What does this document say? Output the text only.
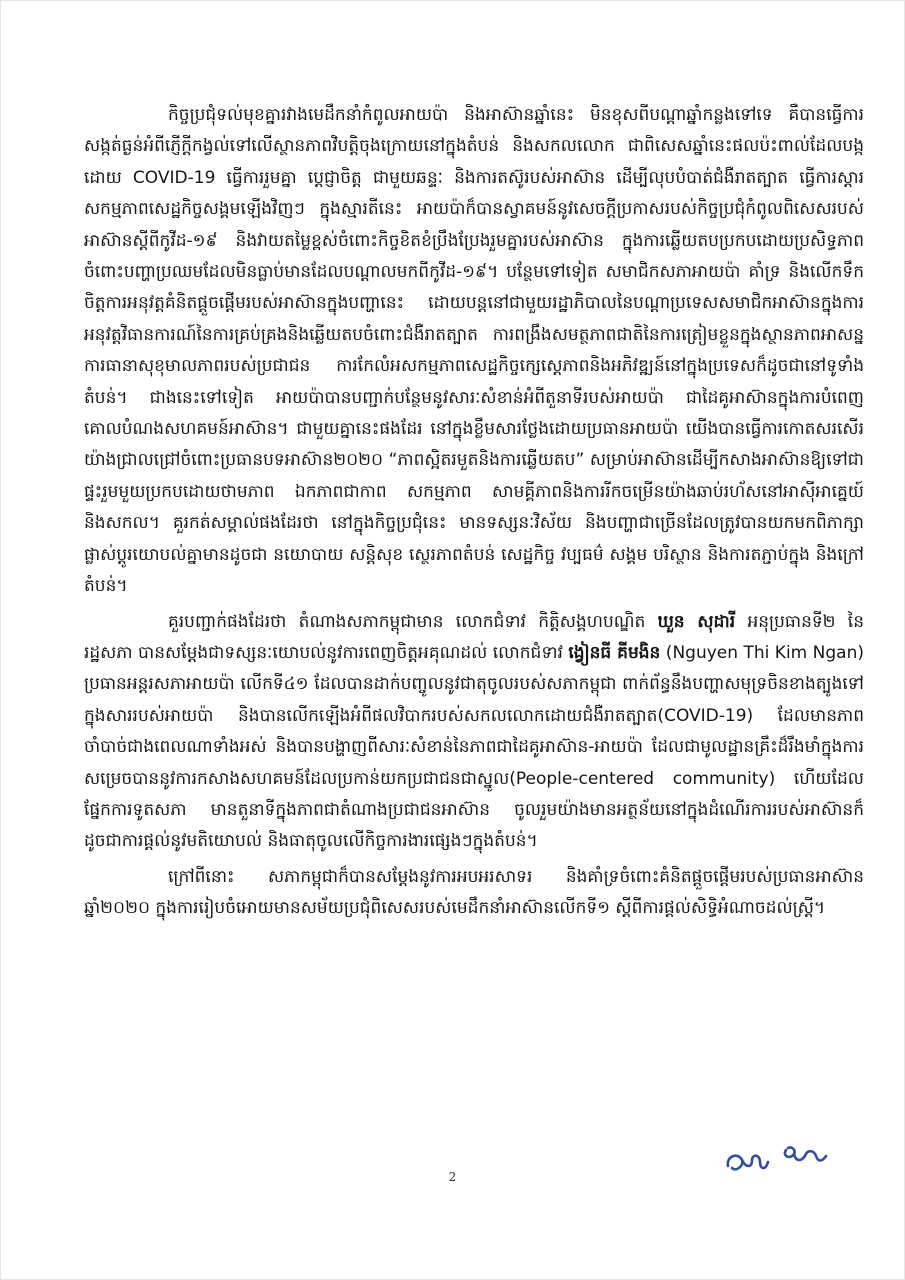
កិច្ចប្រជុំទល់មុខគ្នារវាងមេដឹកនាំកំពូលអាយប៉ា និងអាស៊ានឆ្នាំនេះ មិនខុសពីបណ្ដាឆ្នាំកន្លងទៅទេ គឺបានធ្វើការសង្កត់ធ្ងន់អំពីភ្ញើក្ដីកង្វល់ទៅលើស្ថានភាពវិបត្តិចុងក្រោយនៅក្នុងតំបន់ និងសកលលោក ជាពិសេសឆ្នាំនេះផលប៉ះពាល់ដែលបង្កដោយ COVID-19 ធ្វើការរួមគ្នា ប្ដេជ្ញាចិត្ត ជាមួយឆន្ទៈ និងការតស៊ូរបស់អាស៊ាន ដើម្បីលុបបំបាត់ជំងឺរាតត្បាត ធ្វើការស្ដារសកម្មភាពសេដ្ឋកិច្ចសង្គមឡើងវិញៗ ក្នុងស្មារតីនេះ អាយប៉ាក៏បានស្វាគមន៍នូវសេចក្ដីប្រកាសរបស់កិច្ចប្រជុំកំពូលពិសេសរបស់អាស៊ានស្ដីពីកូវីដ-១៩ និងវាយតម្លៃខ្ពស់ចំពោះកិច្ចខិតខំប្រឹងប្រែងរួមគ្នារបស់អាស៊ាន ក្នុងការឆ្លើយតបប្រកបដោយប្រសិទ្ធភាពចំពោះបញ្ហាប្រឈមដែលមិនធ្លាប់មានដែលបណ្ដាលមកពីកូវីដ-១៩។ បន្ថែមទៅទៀត សមាជិកសភាអាយប៉ា គាំទ្រ និងលើកទឹកចិត្តការអនុវត្តគំនិតផ្ដួចផ្ដើមរបស់អាស៊ានក្នុងបញ្ហានេះ ដោយបន្តនៅជាមួយរដ្ឋាភិបាលនៃបណ្ដាប្រទេសសមាជិកអាស៊ានក្នុងការអនុវត្តវិធានការណ៍នៃការគ្រប់គ្រងនិងឆ្លើយតបចំពោះជំងឺរាតត្បាត ការពង្រឹងសមត្ថភាពជាតិនៃការត្រៀមខ្លួនក្នុងស្ថានភាពអាសន្ន ការធានាសុខុមាលភាពរបស់ប្រជាជន ការកែលំអសកម្មភាពសេដ្ឋកិច្ចក្សេស្ដេភាពនិងអភិវឌ្ឍន៍នៅក្នុងប្រទេសក៏ដូចជានៅទូទាំងតំបន់។ ជាងនេះទៅទៀត អាយប៉ាបានបញ្ជាក់បន្ថែមនូវសារៈសំខាន់អំពីតួនាទីរបស់អាយប៉ា ជាដៃគូអាស៊ានក្នុងការបំពេញគោលបំណងសហគមន៍អាស៊ាន។ ជាមួយគ្នានេះផងដែរ នៅក្នុងខ្លឹមសារថ្លែងដោយប្រធានអាយប៉ា យើងបានធ្វើការកោតសរសើរយ៉ាងជ្រាលជ្រៅចំពោះប្រធានបទអាស៊ាន២០២០ “ភាពស្អិតរមួតនិងការឆ្លើយតប” សម្រាប់អាស៊ានដើម្បីកសាងអាស៊ានឱ្យទៅជាផ្ទះរួមមួយប្រកបដោយថាមភាព ឯកភាពជាកាព សកម្មភាព សាមគ្គីភាពនិងការរីកចម្រើនយ៉ាងឆាប់រហ័សនៅអាស៊ីអាគ្នេយ៍ និងសកល។ គួរកត់សម្គាល់ផងដែរថា នៅក្នុងកិច្ចប្រជុំនេះ មានទស្សនៈវិស័យ និងបញ្ហាជាច្រើនដែលត្រូវបានយកមកពិភាក្សាផ្លាស់ប្ដូរយោបល់គ្នាមានដូចជា នយោបាយ សន្តិសុខ ស្ថេរភាពតំបន់ សេដ្ឋកិច្ច វប្បធម៌ សង្គម បរិស្ថាន និងការតភ្ជាប់ក្នុង និងក្រៅតំបន់។

គួរបញ្ជាក់ផងដែរថា តំណាងសភាកម្ពុជាមាន លោកជំទាវ កិត្តិសង្គហបណ្ឌិត ឃួន សុដារី អនុប្រធានទី២ នៃរដ្ឋសភា បានសម្ដែងជាទស្សនៈយោបល់នូវការពេញចិត្តអគុណដល់ លោកជំទាវ ង្វៀនធី គីមងិន (Nguyen Thi Kim Ngan) ប្រធានអន្តរសភាអាយប៉ា លើកទី៤១ ដែលបានដាក់បញ្ចូលនូវជាតុចូលរបស់សភាកម្ពុជា ពាក់ព័ន្ធនឹងបញ្ហាសមុទ្រចិនខាងត្បូងទៅក្នុងសាររបស់អាយប៉ា និងបានលើកឡើងអំពីផលវិបាករបស់សកលលោកដោយជំងឺរាតត្បាត(COVID-19) ដែលមានភាពចាំបាច់ជាងពេលណាទាំងអស់ និងបានបង្ហាញពីសារៈសំខាន់នៃភាពជាដៃគូអាស៊ាន-អាយប៉ា ដែលជាមូលដ្ឋានគ្រឹះដ៏រឹងមាំក្នុងការសម្រេចបាននូវការកសាងសហគមន៍ដែលប្រកាន់យកប្រជាជនជាស្នូល(People-centered community) ហើយដែលផ្នែកការទូតសភា មានតួនាទីក្នុងភាពជាតំណាងប្រជាជនអាស៊ាន ចូលរួមយ៉ាងមានអត្ថន័យនៅក្នុងដំណើរការរបស់អាស៊ានក៏ដូចជាការផ្ដល់នូវមតិយោបល់ និងធាតុចូលលើកិច្ចការងារផ្សេងៗក្នុងតំបន់។

ក្រៅពីនោះ សភាកម្ពុជាក៏បានសម្ដែងនូវការអបអរសាទរ និងគាំទ្រចំពោះគំនិតផ្ដួចផ្ដើមរបស់ប្រធានអាស៊ានឆ្នាំ២០២០ ក្នុងការរៀបចំអោយមានសម័យប្រជុំពិសេសរបស់មេដឹកនាំអាស៊ានលើកទី១ ស្ដីពីការផ្ដល់សិទ្ធិអំណាចដល់ស្ត្រី។

2
